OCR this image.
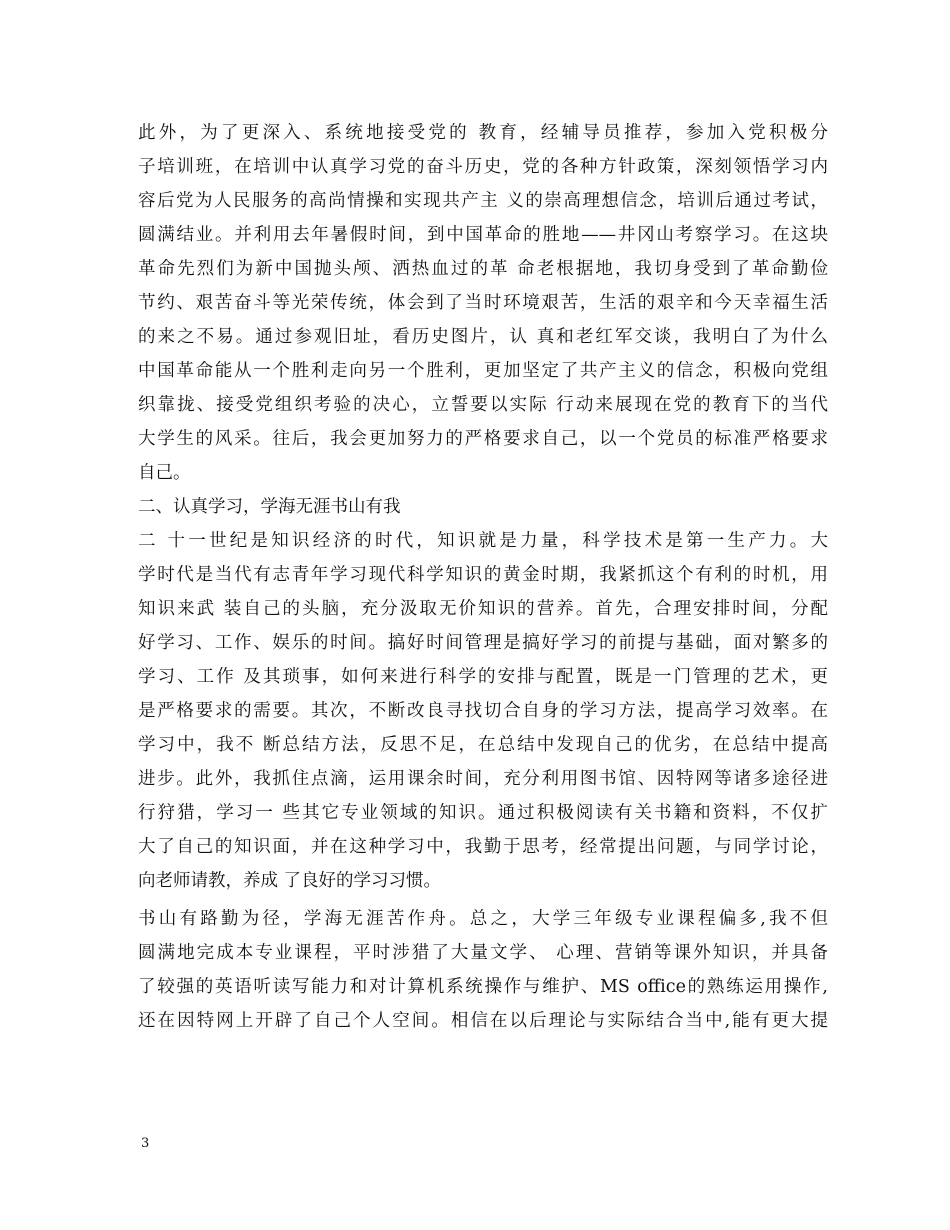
此外，为了更深入、系统地接受党的 教育，经辅导员推荐，参加入党积极分
子培训班，在培训中认真学习党的奋斗历史，党的各种方针政策，深刻领悟学习内
容后党为人民服务的高尚情操和实现共产主 义的崇高理想信念，培训后通过考试，
圆满结业。并利用去年暑假时间，到中国革命的胜地——井冈山考察学习。在这块
革命先烈们为新中国抛头颅、洒热血过的革 命老根据地，我切身受到了革命勤俭
节约、艰苦奋斗等光荣传统，体会到了当时环境艰苦，生活的艰辛和今天幸福生活
的来之不易。通过参观旧址，看历史图片，认 真和老红军交谈，我明白了为什么
中国革命能从一个胜利走向另一个胜利，更加坚定了共产主义的信念，积极向党组
织靠拢、接受党组织考验的决心，立誓要以实际 行动来展现在党的教育下的当代
大学生的风采。往后，我会更加努力的严格要求自己，以一个党员的标准严格要求
自己。
二、认真学习，学海无涯书山有我
二 十一世纪是知识经济的时代，知识就是力量，科学技术是第一生产力。大
学时代是当代有志青年学习现代科学知识的黄金时期，我紧抓这个有利的时机，用
知识来武 装自己的头脑，充分汲取无价知识的营养。首先，合理安排时间，分配
好学习、工作、娱乐的时间。搞好时间管理是搞好学习的前提与基础，面对繁多的
学习、工作 及其琐事，如何来进行科学的安排与配置，既是一门管理的艺术，更
是严格要求的需要。其次，不断改良寻找切合自身的学习方法，提高学习效率。在
学习中，我不 断总结方法，反思不足，在总结中发现自己的优劣，在总结中提高
进步。此外，我抓住点滴，运用课余时间，充分利用图书馆、因特网等诸多途径进
行狩猎，学习一 些其它专业领域的知识。通过积极阅读有关书籍和资料，不仅扩
大了自己的知识面，并在这种学习中，我勤于思考，经常提出问题，与同学讨论，
向老师请教，养成 了良好的学习习惯。
书山有路勤为径，学海无涯苦作舟。总之，大学三年级专业课程偏多,我不但
圆满地完成本专业课程，平时涉猎了大量文学、 心理、营销等课外知识，并具备
了较强的英语听读写能力和对计算机系统操作与维护、MS office的熟练运用操作,
还在因特网上开辟了自己个人空间。相信在以后理论与实际结合当中,能有更大提
3
